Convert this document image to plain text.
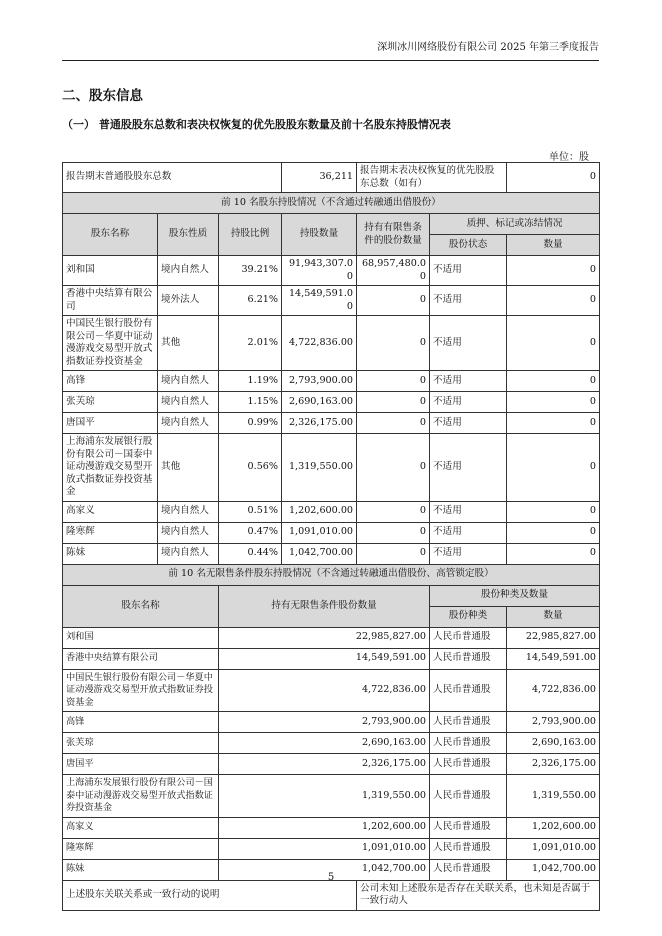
深圳冰川网络股份有限公司 2025 年第三季度报告
二、股东信息
（一） 普通股股东总数和表决权恢复的优先股股东数量及前十名股东持股情况表
单位：股
报告期末普通股股东总数			36,211	报告期末表决权恢复的优先股股东总数（如有）		0
前 10 名股东持股情况（不含通过转融通出借股份）						
股东名称	股东性质	持股比例	持股数量	持有有限售条件的股份数量	质押、标记或冻结情况	
					股份状态	数量
刘和国	境内自然人	39.21%	91,943,307.00	68,957,480.00	不适用	0
香港中央结算有限公司	境外法人	6.21%	14,549,591.00	0	不适用	0
中国民生银行股份有限公司－华夏中证动漫游戏交易型开放式指数证券投资基金	其他	2.01%	4,722,836.00	0	不适用	0
高锋	境内自然人	1.19%	2,793,900.00	0	不适用	0
张芙琼	境内自然人	1.15%	2,690,163.00	0	不适用	0
唐国平	境内自然人	0.99%	2,326,175.00	0	不适用	0
上海浦东发展银行股份有限公司－国泰中证动漫游戏交易型开放式指数证券投资基金	其他	0.56%	1,319,550.00	0	不适用	0
高家义	境内自然人	0.51%	1,202,600.00	0	不适用	0
隆寒辉	境内自然人	0.47%	1,091,010.00	0	不适用	0
陈妹	境内自然人	0.44%	1,042,700.00	0	不适用	0
前 10 名无限售条件股东持股情况（不含通过转融通出借股份、高管锁定股）						
股东名称		持有无限售条件股份数量			股份种类及数量	
					股份种类	数量
刘和国		22,985,827.00			人民币普通股	22,985,827.00
香港中央结算有限公司		14,549,591.00			人民币普通股	14,549,591.00
中国民生银行股份有限公司－华夏中证动漫游戏交易型开放式指数证券投资基金		4,722,836.00			人民币普通股	4,722,836.00
高锋		2,793,900.00			人民币普通股	2,793,900.00
张芙琼		2,690,163.00			人民币普通股	2,690,163.00
唐国平		2,326,175.00			人民币普通股	2,326,175.00
上海浦东发展银行股份有限公司－国泰中证动漫游戏交易型开放式指数证券投资基金		1,319,550.00			人民币普通股	1,319,550.00
高家义		1,202,600.00			人民币普通股	1,202,600.00
隆寒辉		1,091,010.00			人民币普通股	1,091,010.00
陈妹		1,042,700.00			人民币普通股	1,042,700.00
上述股东关联关系或一致行动的说明				公司未知上述股东是否存在关联关系，也未知是否属于一致行动人		
5
